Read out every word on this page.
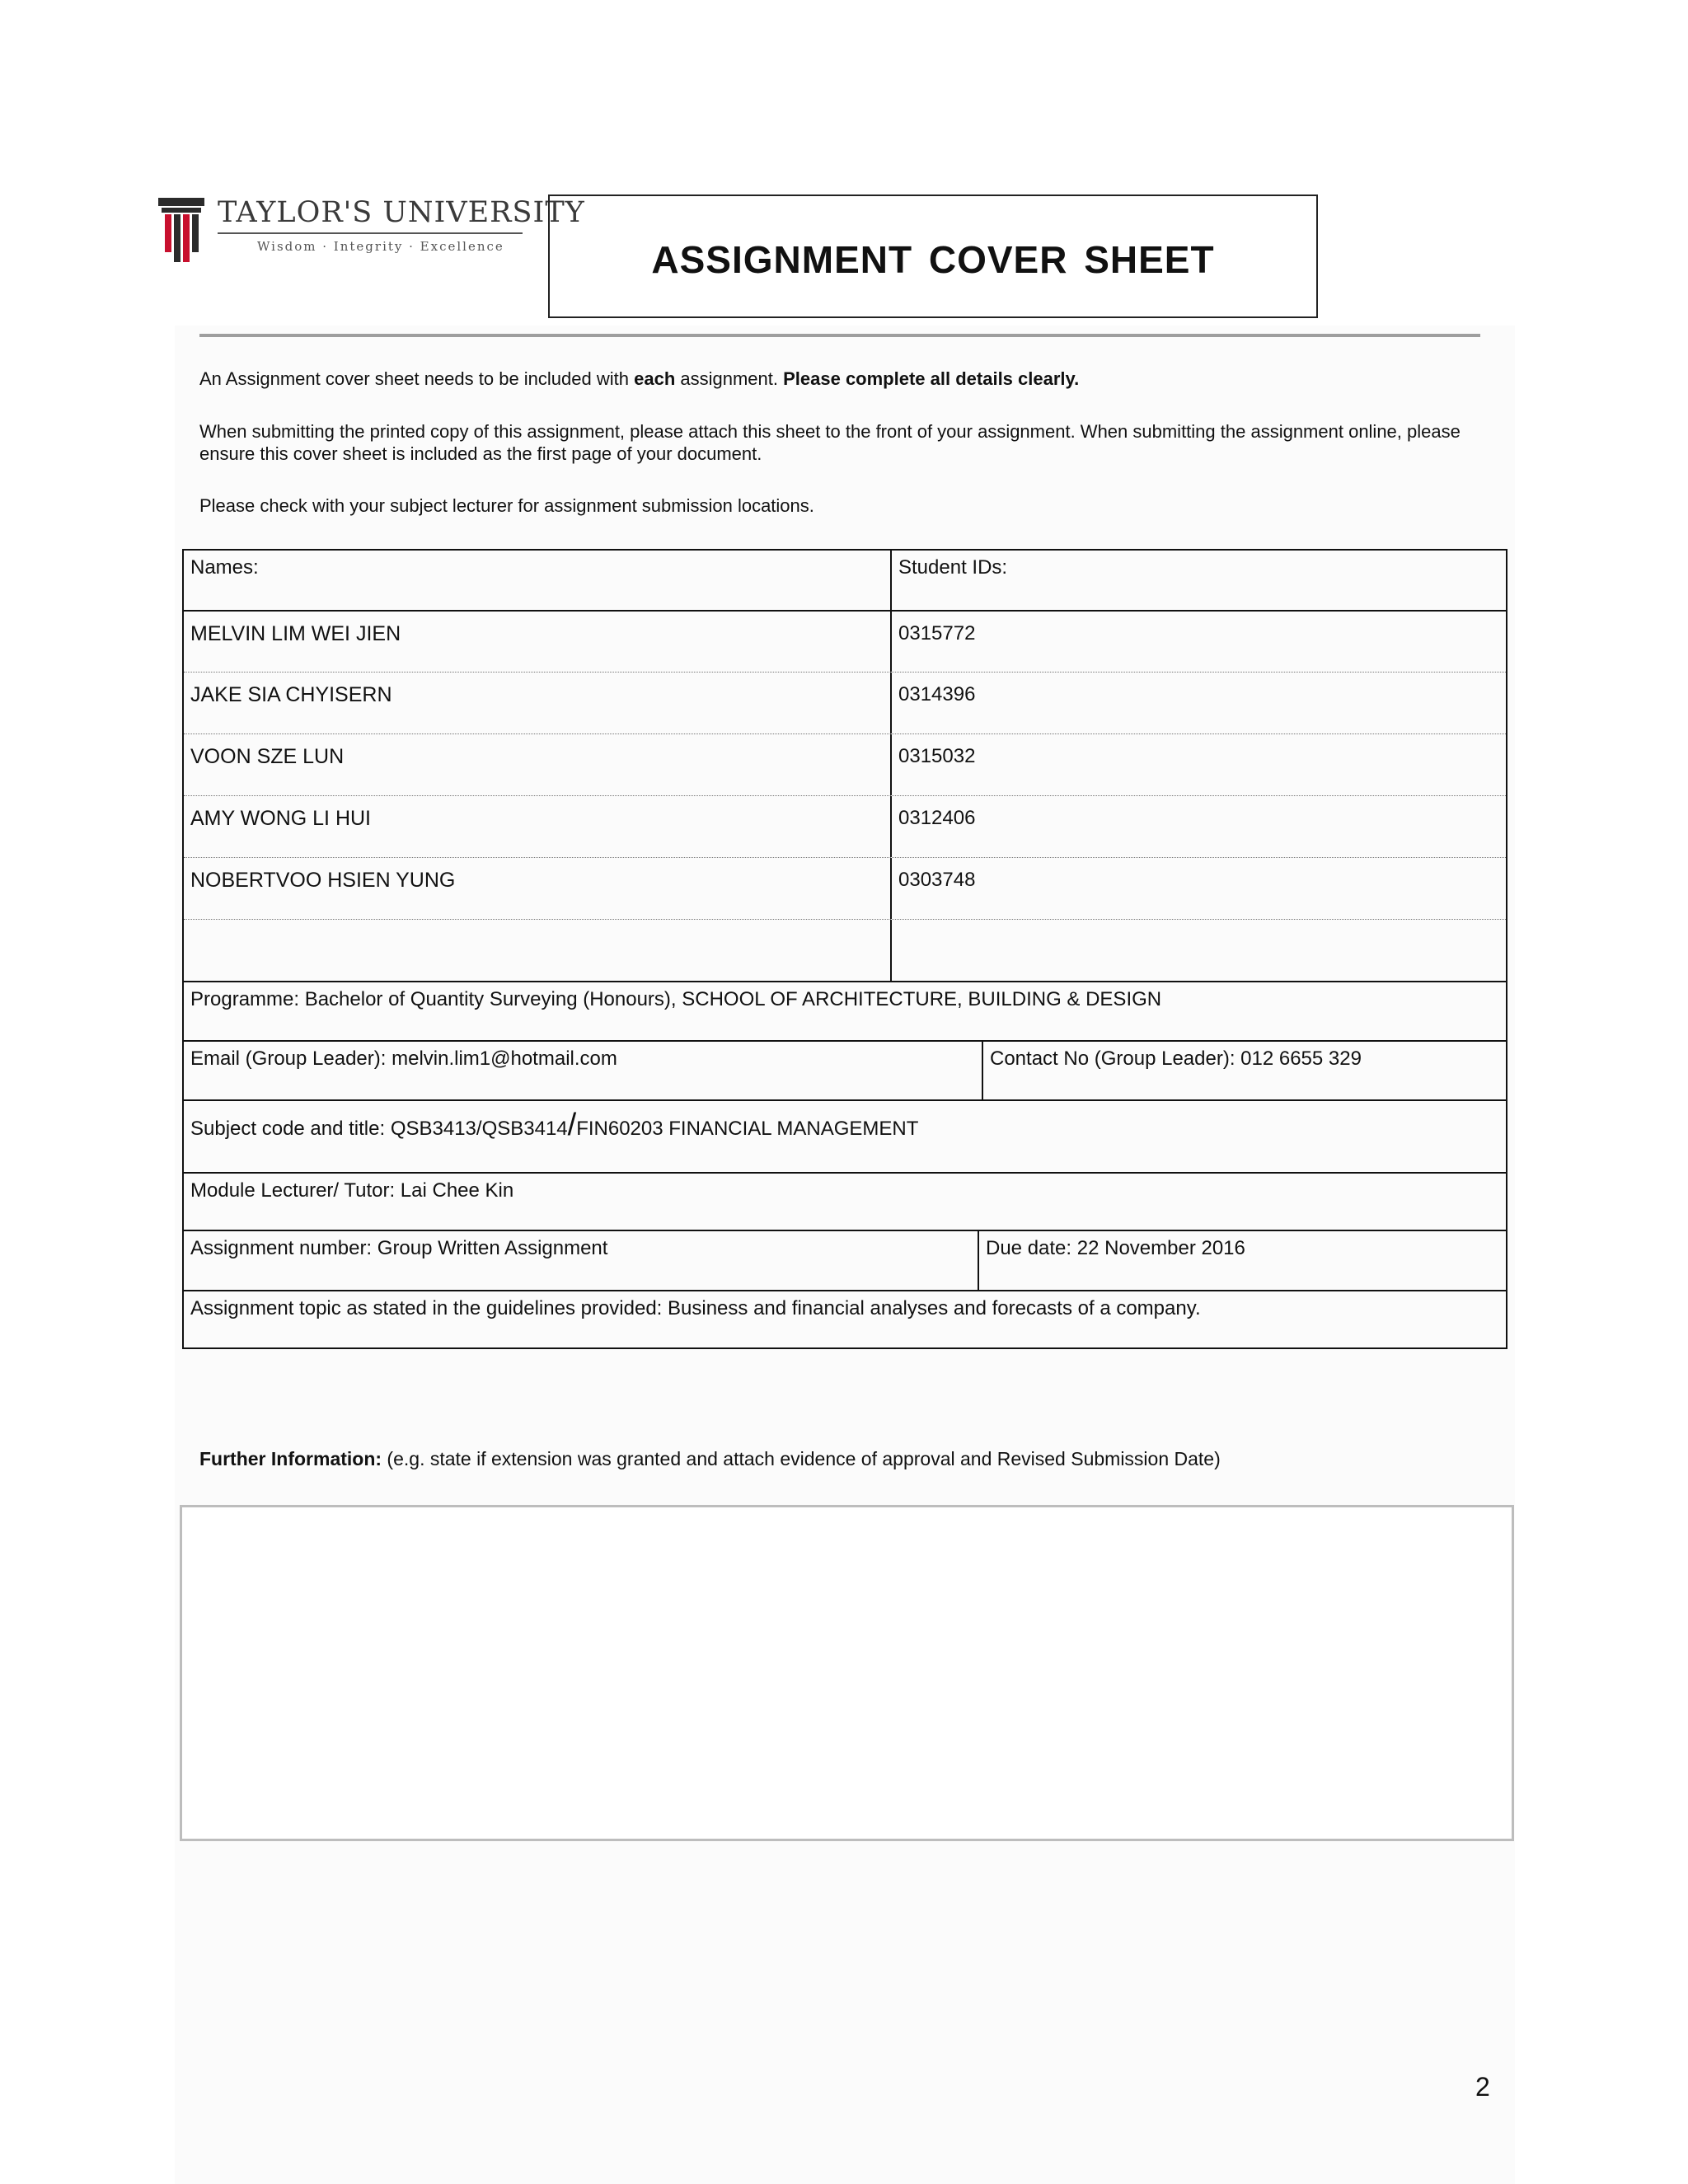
TAYLOR'S UNIVERSITY
Wisdom · Integrity · Excellence	ASSIGNMENT COVER SHEET
An Assignment cover sheet needs to be included with each assignment. Please complete all details clearly.
When submitting the printed copy of this assignment, please attach this sheet to the front of your assignment. When submitting the assignment online, please ensure this cover sheet is included as the first page of your document.
Please check with your subject lecturer for assignment submission locations.
Names:	Student IDs:
MELVIN LIM WEI JIEN	0315772
JAKE SIA CHYISERN	0314396
VOON SZE LUN	0315032
AMY WONG LI HUI	0312406
NOBERTVOO HSIEN YUNG	0303748
Programme: Bachelor of Quantity Surveying (Honours), SCHOOL OF ARCHITECTURE, BUILDING & DESIGN
Email (Group Leader): melvin.lim1@hotmail.com	Contact No (Group Leader): 012 6655 329
Subject code and title: QSB3413/QSB3414/FIN60203 FINANCIAL MANAGEMENT
Module Lecturer/ Tutor: Lai Chee Kin
Assignment number: Group Written Assignment	Due date: 22 November 2016
Assignment topic as stated in the guidelines provided: Business and financial analyses and forecasts of a company.
Further Information: (e.g. state if extension was granted and attach evidence of approval and Revised Submission Date)
2
